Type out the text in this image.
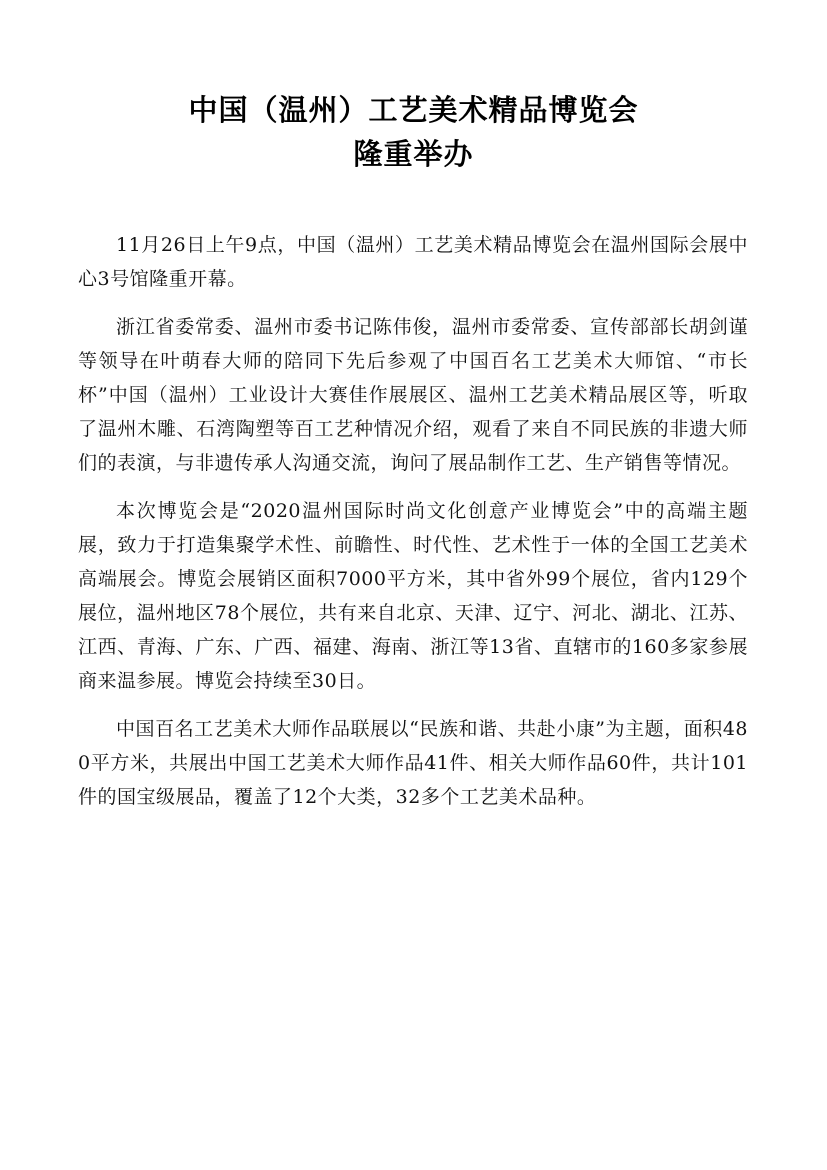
中国（温州）工艺美术精品博览会

隆重举办

11月26日上午9点，中国（温州）工艺美术精品博览会在温州国际会展中心3号馆隆重开幕。

浙江省委常委、温州市委书记陈伟俊，温州市委常委、宣传部部长胡剑谨等领导在叶萌春大师的陪同下先后参观了中国百名工艺美术大师馆、“市长杯”中国（温州）工业设计大赛佳作展展区、温州工艺美术精品展区等，听取了温州木雕、石湾陶塑等百工艺种情况介绍，观看了来自不同民族的非遗大师们的表演，与非遗传承人沟通交流，询问了展品制作工艺、生产销售等情况。

本次博览会是“2020温州国际时尚文化创意产业博览会”中的高端主题展，致力于打造集聚学术性、前瞻性、时代性、艺术性于一体的全国工艺美术高端展会。博览会展销区面积7000平方米，其中省外99个展位，省内129个展位，温州地区78个展位，共有来自北京、天津、辽宁、河北、湖北、江苏、江西、青海、广东、广西、福建、海南、浙江等13省、直辖市的160多家参展商来温参展。博览会持续至30日。

中国百名工艺美术大师作品联展以“民族和谐、共赴小康”为主题，面积480平方米，共展出中国工艺美术大师作品41件、相关大师作品60件，共计101件的国宝级展品，覆盖了12个大类，32多个工艺美术品种。
